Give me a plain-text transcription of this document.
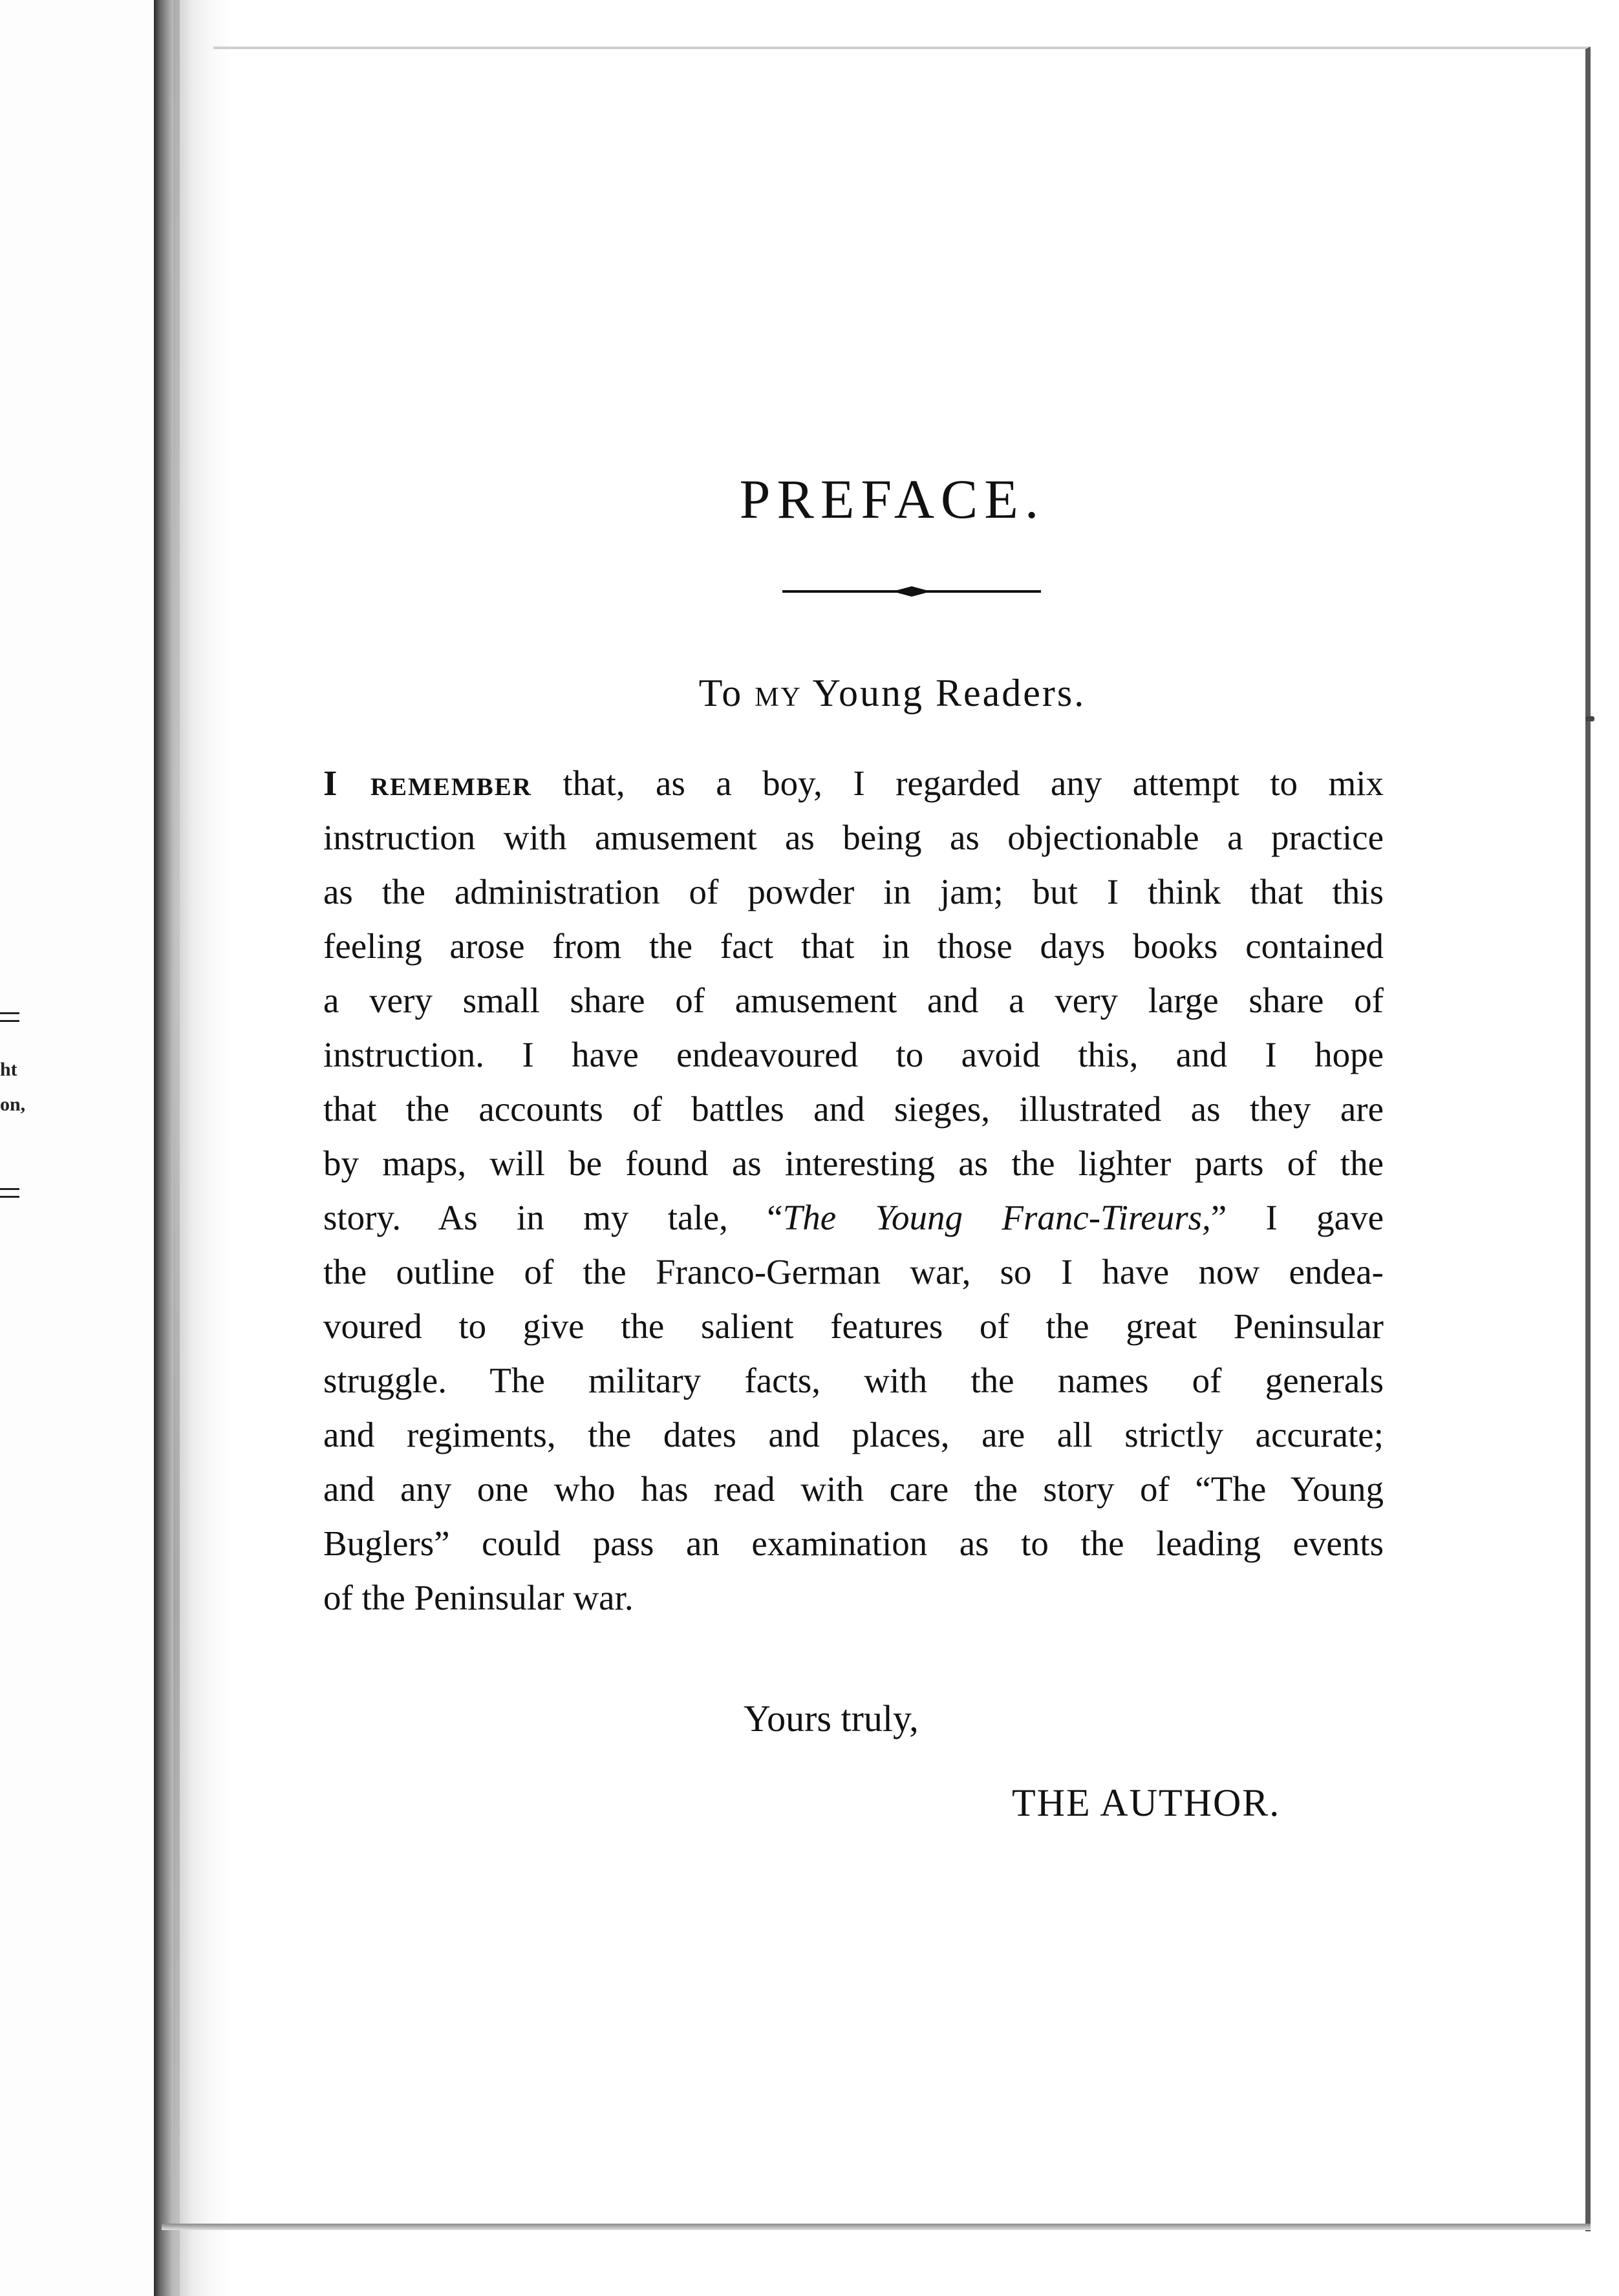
ht
on,
PREFACE.
To my Young Readers.
I remember that, as a boy, I regarded any attempt to mix
instruction with amusement as being as objectionable a practice
as the administration of powder in jam; but I think that this
feeling arose from the fact that in those days books contained
a very small share of amusement and a very large share of
instruction. I have endeavoured to avoid this, and I hope
that the accounts of battles and sieges, illustrated as they are
by maps, will be found as interesting as the lighter parts of the
story. As in my tale, “The Young Franc-Tireurs,” I gave
the outline of the Franco-German war, so I have now endea-
voured to give the salient features of the great Peninsular
struggle. The military facts, with the names of generals
and regiments, the dates and places, are all strictly accurate;
and any one who has read with care the story of “The Young
Buglers” could pass an examination as to the leading events
of the Peninsular war.
Yours truly,
THE AUTHOR.
